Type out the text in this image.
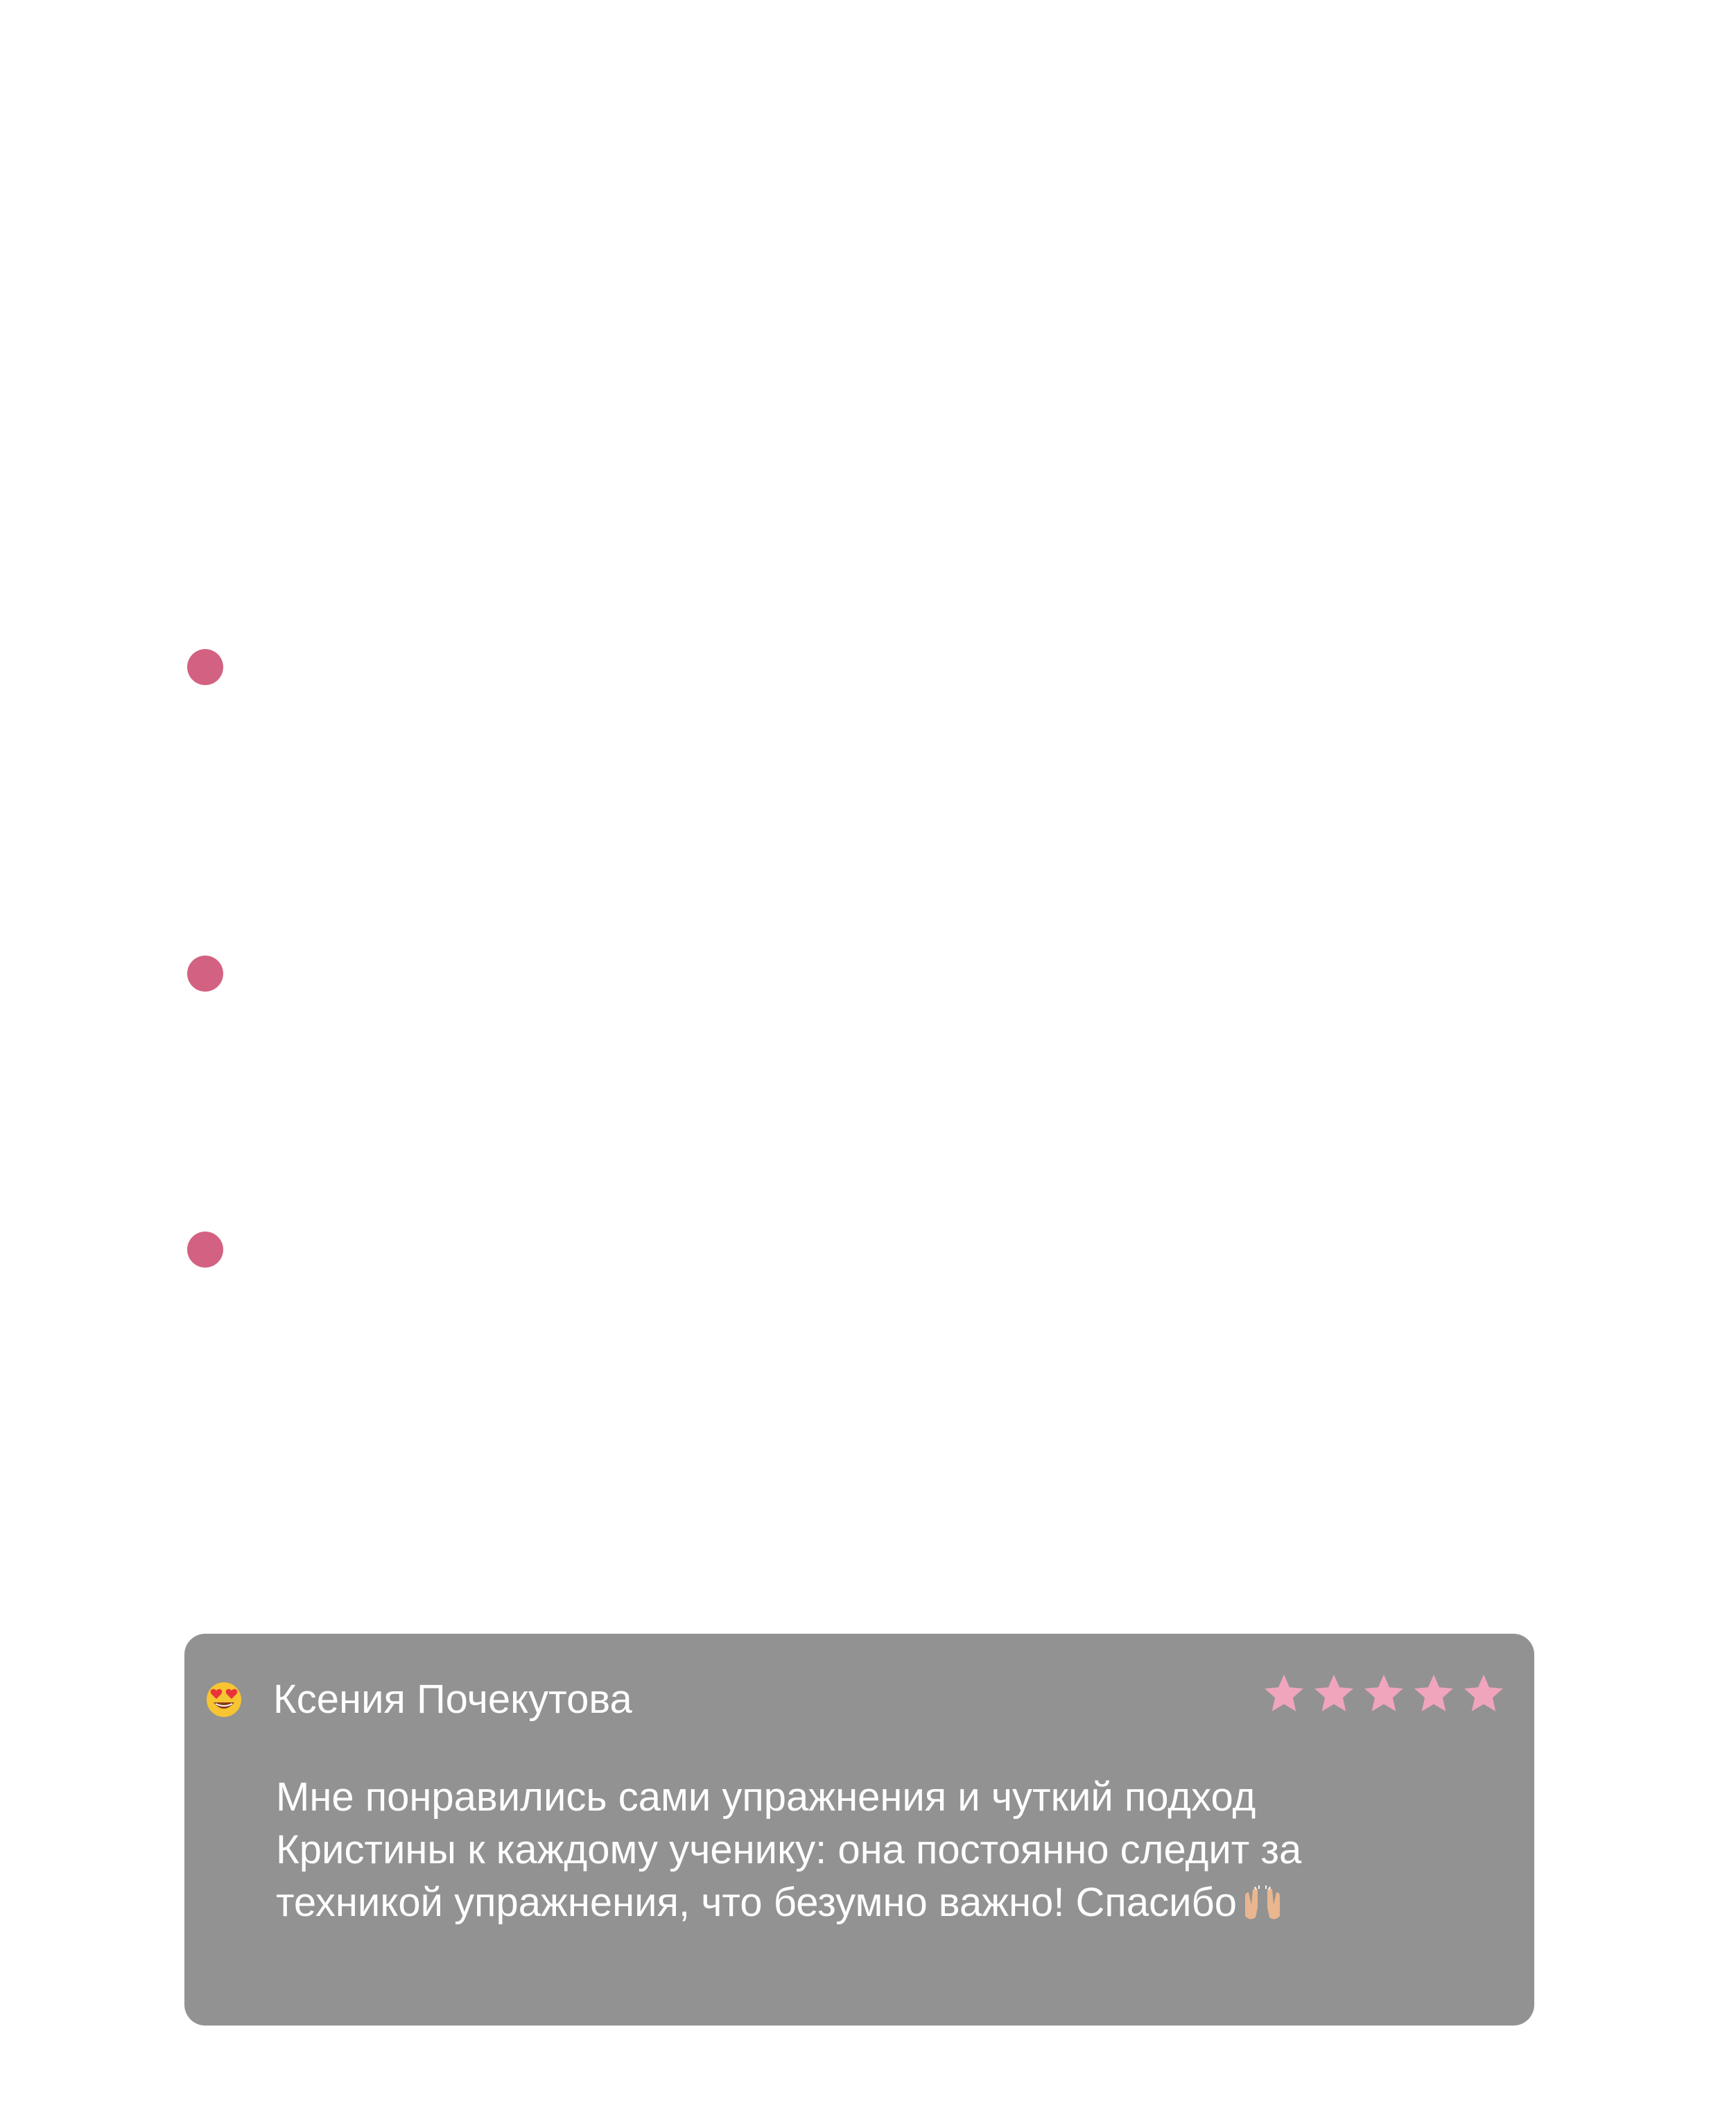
Ксения Почекутова
Мне понравились сами упражнения и чуткий подход Кристины к каждому ученику: она постоянно следит за техникой упражнения, что безумно важно! Спасибо
